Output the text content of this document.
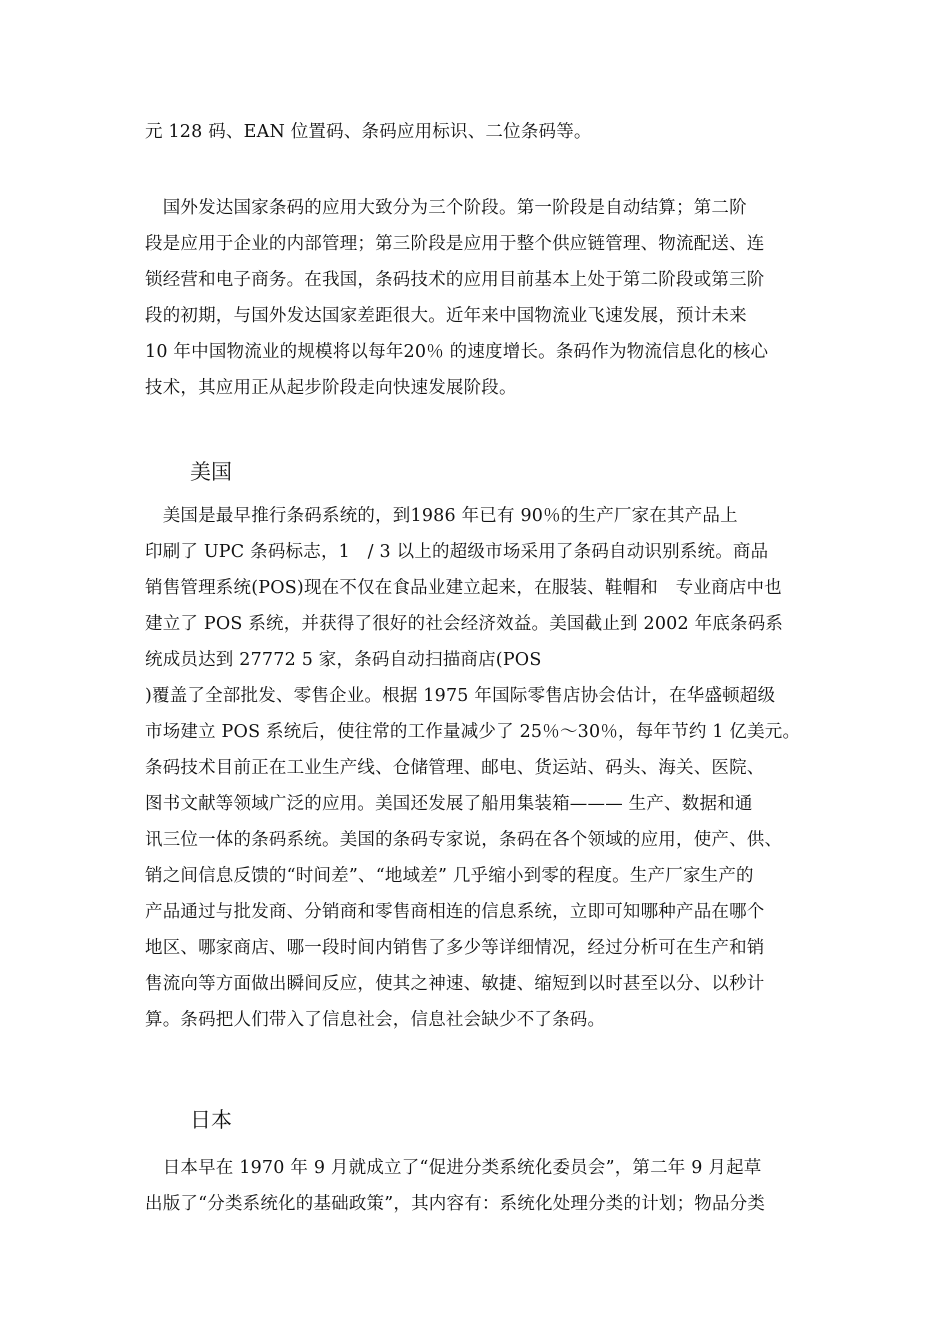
元 128 码、EAN 位置码、条码应用标识、二位条码等。
　国外发达国家条码的应用大致分为三个阶段。第一阶段是自动结算；第二阶
段是应用于企业的内部管理；第三阶段是应用于整个供应链管理、物流配送、连
锁经营和电子商务。在我国，条码技术的应用目前基本上处于第二阶段或第三阶
段的初期，与国外发达国家差距很大。近年来中国物流业飞速发展，预计未来
10 年中国物流业的规模将以每年20％ 的速度增长。条码作为物流信息化的核心
技术，其应用正从起步阶段走向快速发展阶段。
美国
　美国是最早推行条码系统的，到1986 年已有 90％的生产厂家在其产品上
印刷了 UPC 条码标志，1　/ 3 以上的超级市场采用了条码自动识别系统。商品
销售管理系统(POS)现在不仅在食品业建立起来，在服装、鞋帽和　专业商店中也
建立了 POS 系统，并获得了很好的社会经济效益。美国截止到 2002 年底条码系
统成员达到 27772 5 家，条码自动扫描商店(POS
)覆盖了全部批发、零售企业。根据 1975 年国际零售店协会估计，在华盛顿超级
市场建立 POS 系统后，使往常的工作量减少了 25％～30％，每年节约 1 亿美元。
条码技术目前正在工业生产线、仓储管理、邮电、货运站、码头、海关、医院、
图书文献等领域广泛的应用。美国还发展了船用集装箱——— 生产、数据和通
讯三位一体的条码系统。美国的条码专家说，条码在各个领域的应用，使产、供、
销之间信息反馈的“时间差”、“地域差” 几乎缩小到零的程度。生产厂家生产的
产品通过与批发商、分销商和零售商相连的信息系统，立即可知哪种产品在哪个
地区、哪家商店、哪一段时间内销售了多少等详细情况，经过分析可在生产和销
售流向等方面做出瞬间反应，使其之神速、敏捷、缩短到以时甚至以分、以秒计
算。条码把人们带入了信息社会，信息社会缺少不了条码。
日本
　日本早在 1970 年 9 月就成立了“促进分类系统化委员会”，第二年 9 月起草
出版了“分类系统化的基础政策”，其内容有：系统化处理分类的计划；物品分类
